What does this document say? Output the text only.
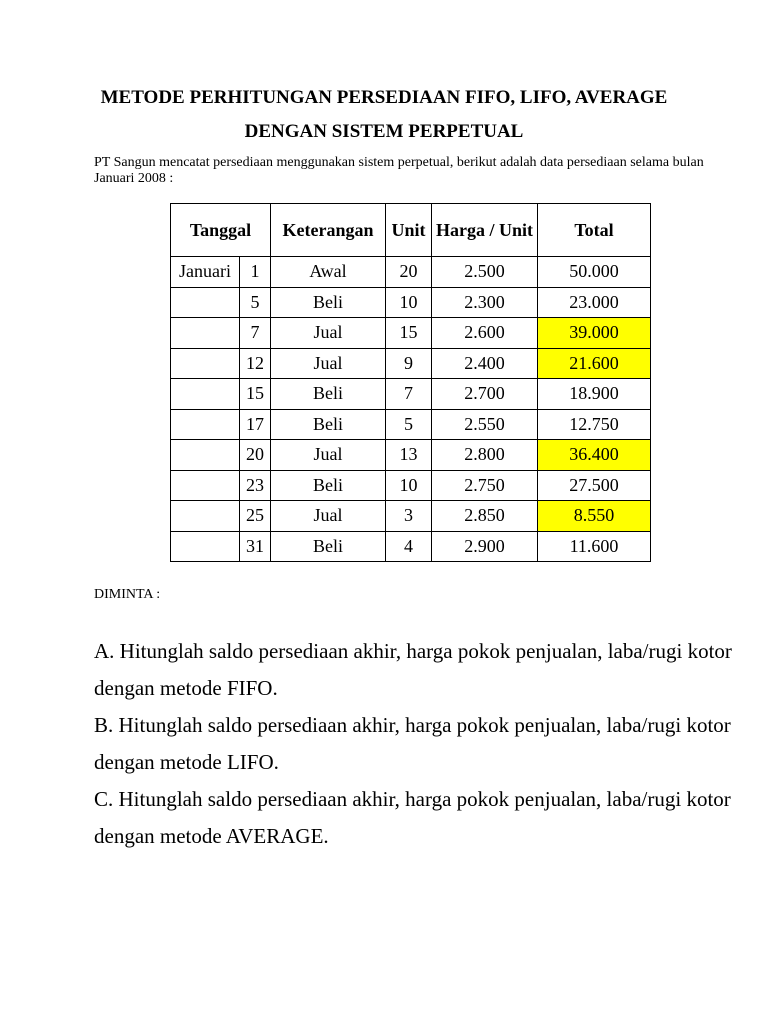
METODE PERHITUNGAN PERSEDIAAN FIFO, LIFO, AVERAGE
DENGAN SISTEM PERPETUAL
PT Sangun mencatat persediaan menggunakan sistem perpetual, berikut adalah data persediaan selama bulan Januari 2008 :
Tanggal		Keterangan	Unit	Harga / Unit	Total
Januari	1	Awal	20	2.500	50.000
	5	Beli	10	2.300	23.000
	7	Jual	15	2.600	39.000
	12	Jual	9	2.400	21.600
	15	Beli	7	2.700	18.900
	17	Beli	5	2.550	12.750
	20	Jual	13	2.800	36.400
	23	Beli	10	2.750	27.500
	25	Jual	3	2.850	8.550
	31	Beli	4	2.900	11.600
DIMINTA :
A. Hitunglah saldo persediaan akhir, harga pokok penjualan, laba/rugi kotor dengan metode FIFO.
B. Hitunglah saldo persediaan akhir, harga pokok penjualan, laba/rugi kotor dengan metode LIFO.
C. Hitunglah saldo persediaan akhir, harga pokok penjualan, laba/rugi kotor dengan metode AVERAGE.
